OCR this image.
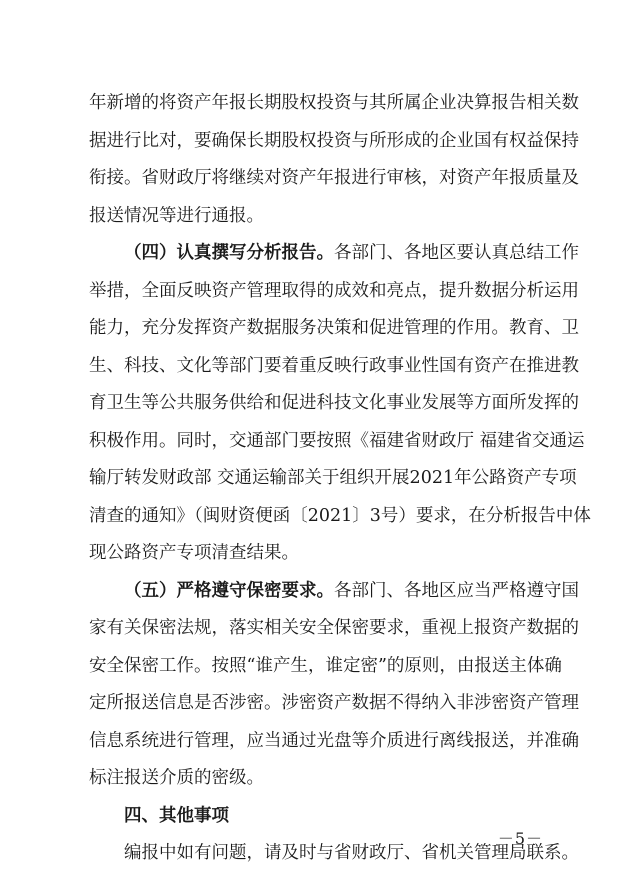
年新增的将资产年报长期股权投资与其所属企业决算报告相关数
据进行比对，要确保长期股权投资与所形成的企业国有权益保持
衔接。省财政厅将继续对资产年报进行审核，对资产年报质量及
报送情况等进行通报。
（四）认真撰写分析报告。各部门、各地区要认真总结工作
举措，全面反映资产管理取得的成效和亮点，提升数据分析运用
能力，充分发挥资产数据服务决策和促进管理的作用。教育、卫
生、科技、文化等部门要着重反映行政事业性国有资产在推进教
育卫生等公共服务供给和促进科技文化事业发展等方面所发挥的
积极作用。同时，交通部门要按照《福建省财政厅 福建省交通运
输厅转发财政部 交通运输部关于组织开展2021年公路资产专项
清查的通知》（闽财资便函〔2021〕3号）要求，在分析报告中体
现公路资产专项清查结果。
（五）严格遵守保密要求。各部门、各地区应当严格遵守国
家有关保密法规，落实相关安全保密要求，重视上报资产数据的
安全保密工作。按照“谁产生，谁定密”的原则，由报送主体确
定所报送信息是否涉密。涉密资产数据不得纳入非涉密资产管理
信息系统进行管理，应当通过光盘等介质进行离线报送，并准确
标注报送介质的密级。
四、其他事项
编报中如有问题，请及时与省财政厅、省机关管理局联系。
－5－
